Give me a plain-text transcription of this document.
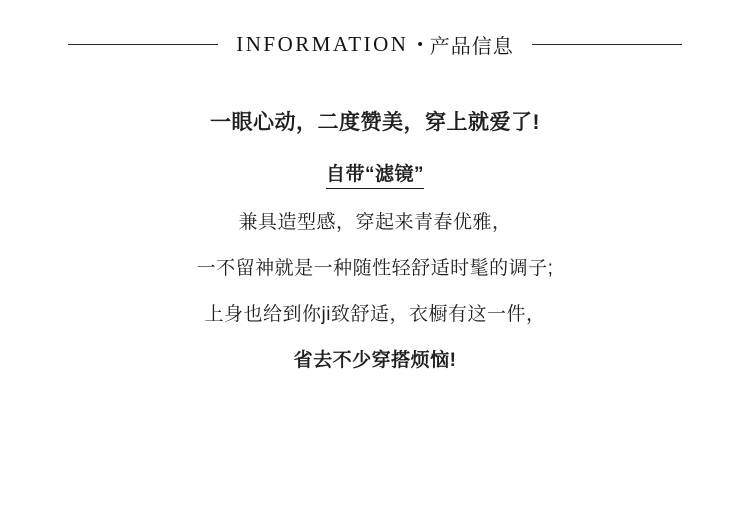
INFORMATION • 产品信息
一眼心动，二度赞美，穿上就爱了!
自带“滤镜”
兼具造型感，穿起来青春优雅，
一不留神就是一种随性轻舒适时髦的调子;
上身也给到你ji致舒适，衣橱有这一件，
省去不少穿搭烦恼!
